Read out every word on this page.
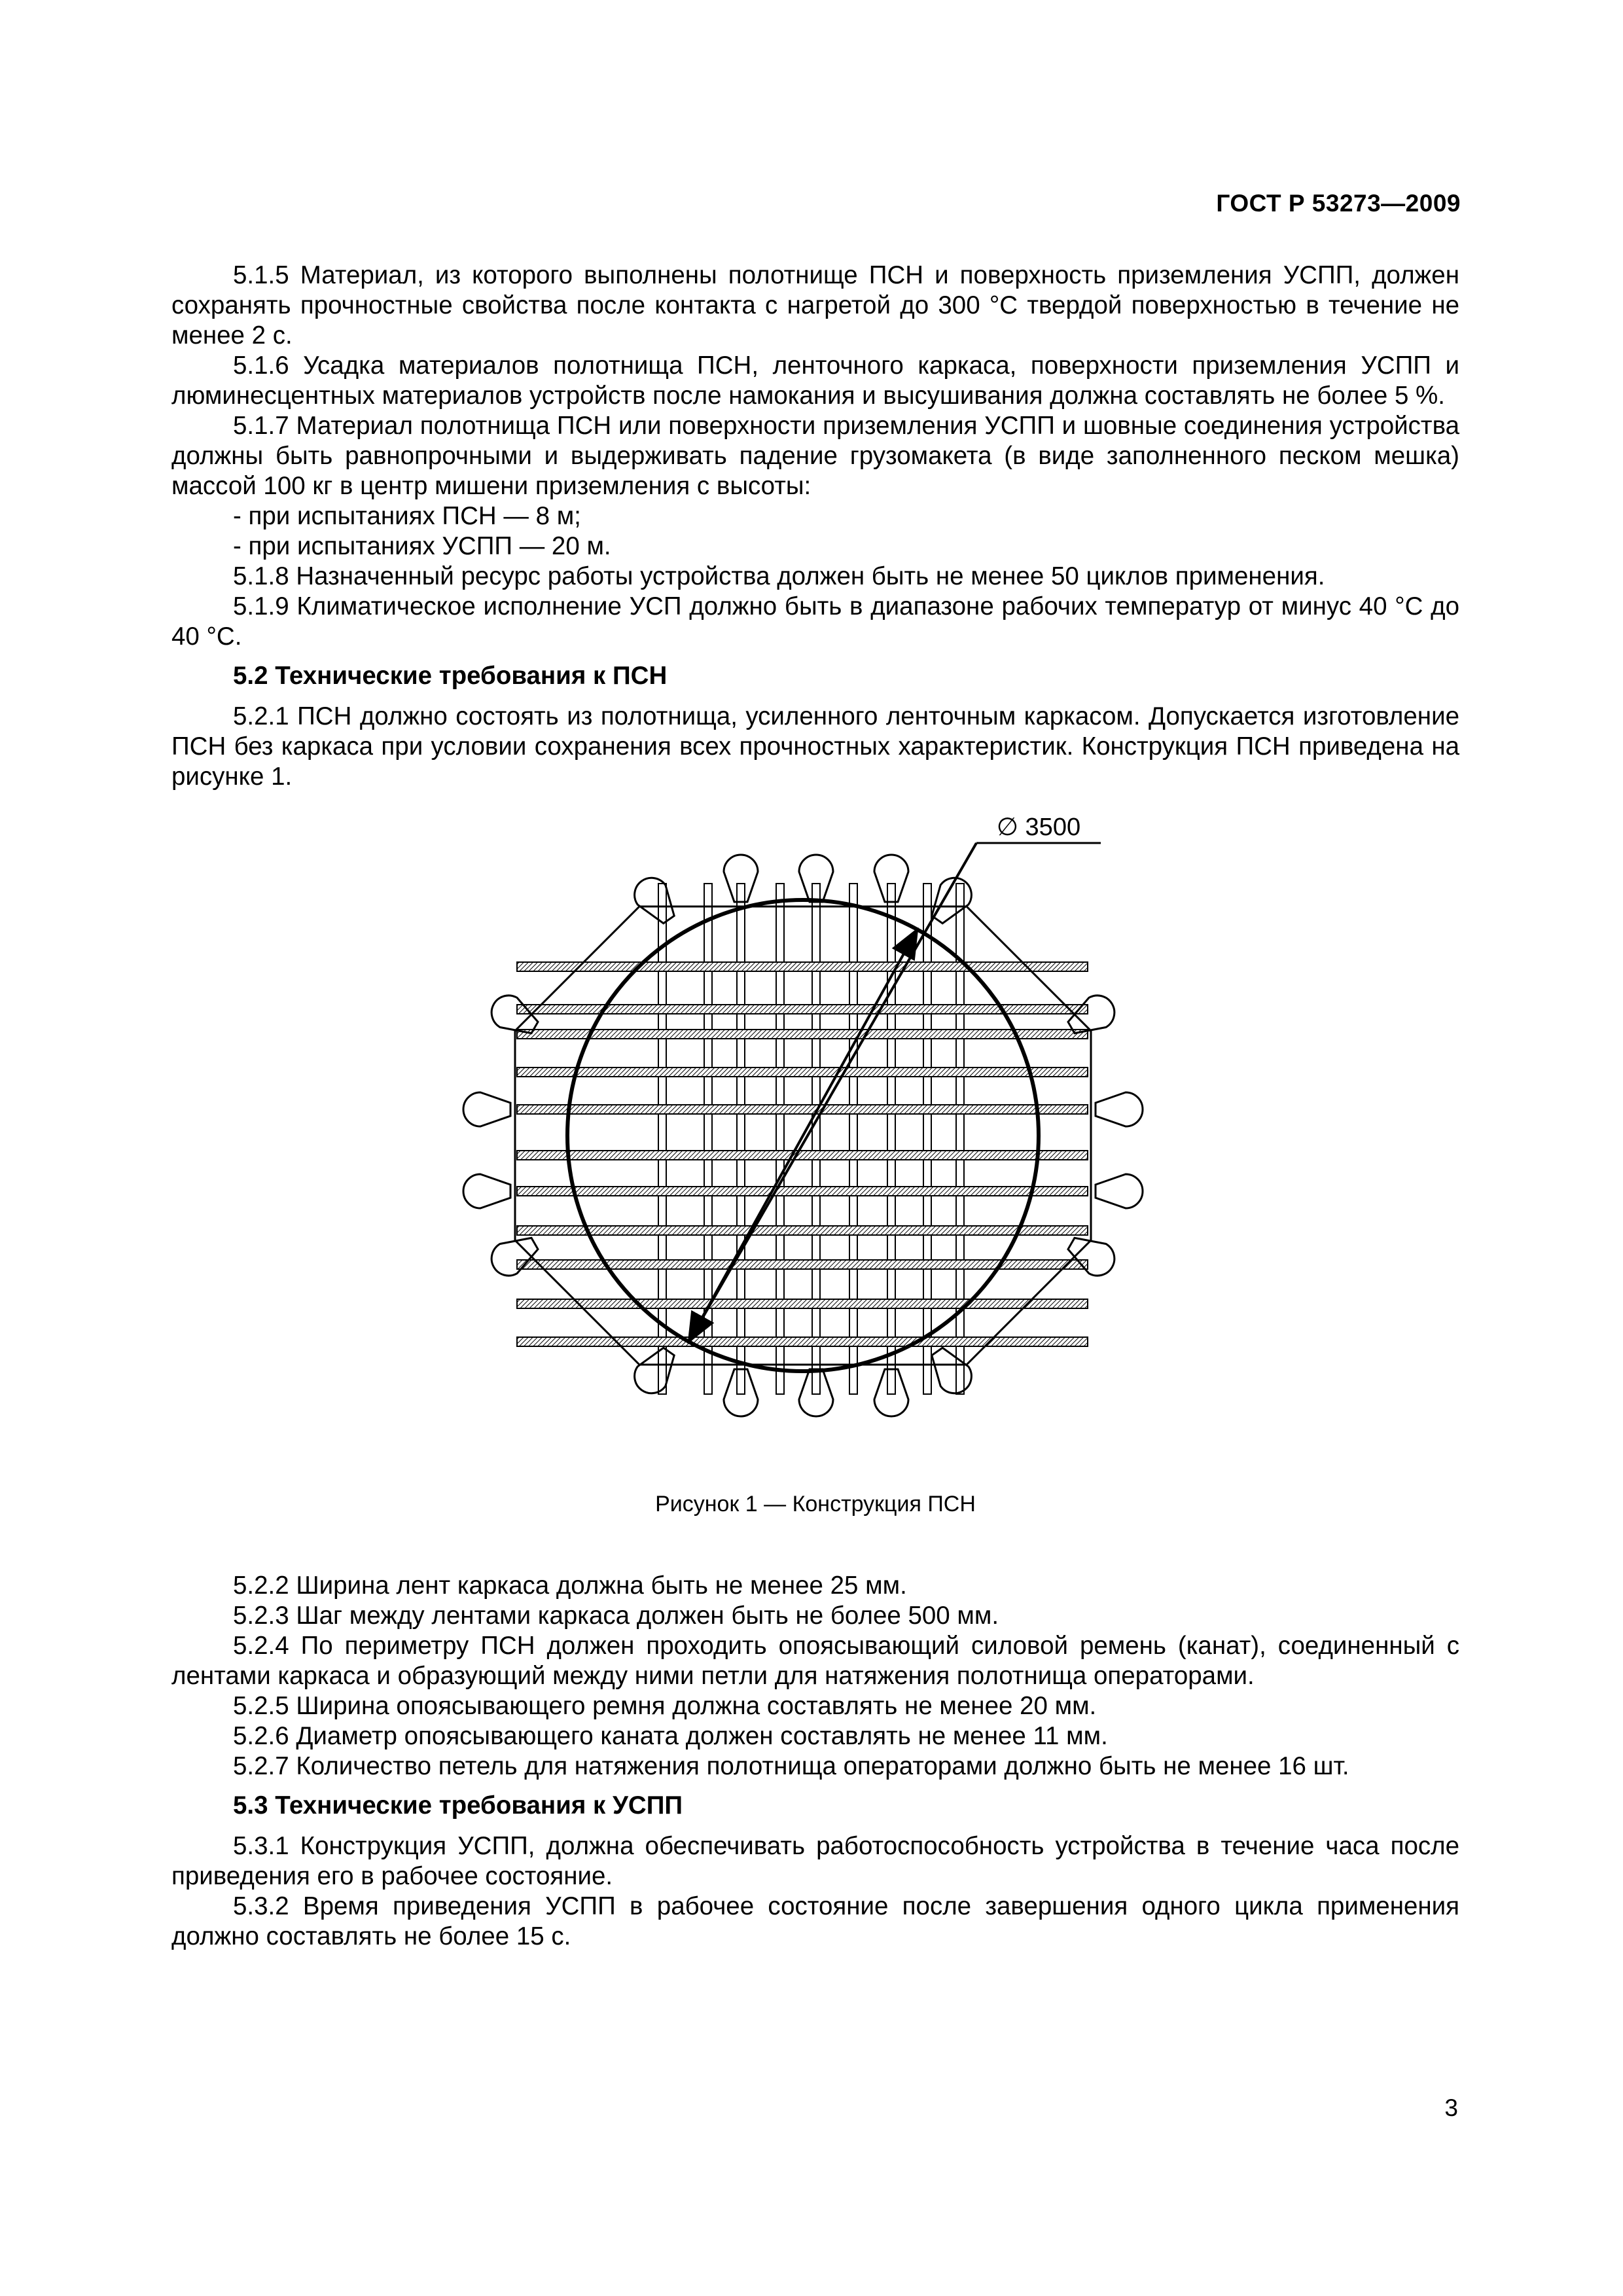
ГОСТ Р 53273—2009

5.1.5 Материал, из которого выполнены полотнище ПСН и поверхность приземления УСПП, должен сохранять прочностные свойства после контакта с нагретой до 300 °С твердой поверхностью в течение не менее 2 с.

5.1.6 Усадка материалов полотнища ПСН, ленточного каркаса, поверхности приземления УСПП и люминесцентных материалов устройств после намокания и высушивания должна составлять не более 5 %.

5.1.7 Материал полотнища ПСН или поверхности приземления УСПП и шовные соединения устройства должны быть равнопрочными и выдерживать падение грузомакета (в виде заполненного песком мешка) массой 100 кг в центр мишени приземления с высоты:

- при испытаниях ПСН — 8 м;

- при испытаниях УСПП — 20 м.

5.1.8 Назначенный ресурс работы устройства должен быть не менее 50 циклов применения.

5.1.9 Климатическое исполнение УСП должно быть в диапазоне рабочих температур от минус 40 °С до 40 °С.

5.2 Технические требования к ПСН

5.2.1 ПСН должно состоять из полотнища, усиленного ленточным каркасом. Допускается изготовление ПСН без каркаса при условии сохранения всех прочностных характеристик. Конструкция ПСН приведена на рисунке 1.

∅ 3500
Рисунок 1 — Конструкция ПСН

5.2.2 Ширина лент каркаса должна быть не менее 25 мм.

5.2.3 Шаг между лентами каркаса должен быть не более 500 мм.

5.2.4 По периметру ПСН должен проходить опоясывающий силовой ремень (канат), соединенный с лентами каркаса и образующий между ними петли для натяжения полотнища операторами.

5.2.5 Ширина опоясывающего ремня должна составлять не менее 20 мм.

5.2.6 Диаметр опоясывающего каната должен составлять не менее 11 мм.

5.2.7 Количество петель для натяжения полотнища операторами должно быть не менее 16 шт.

5.3 Технические требования к УСПП

5.3.1 Конструкция УСПП, должна обеспечивать работоспособность устройства в течение часа после приведения его в рабочее состояние.

5.3.2 Время приведения УСПП в рабочее состояние после завершения одного цикла применения должно составлять не более 15 с.

3
